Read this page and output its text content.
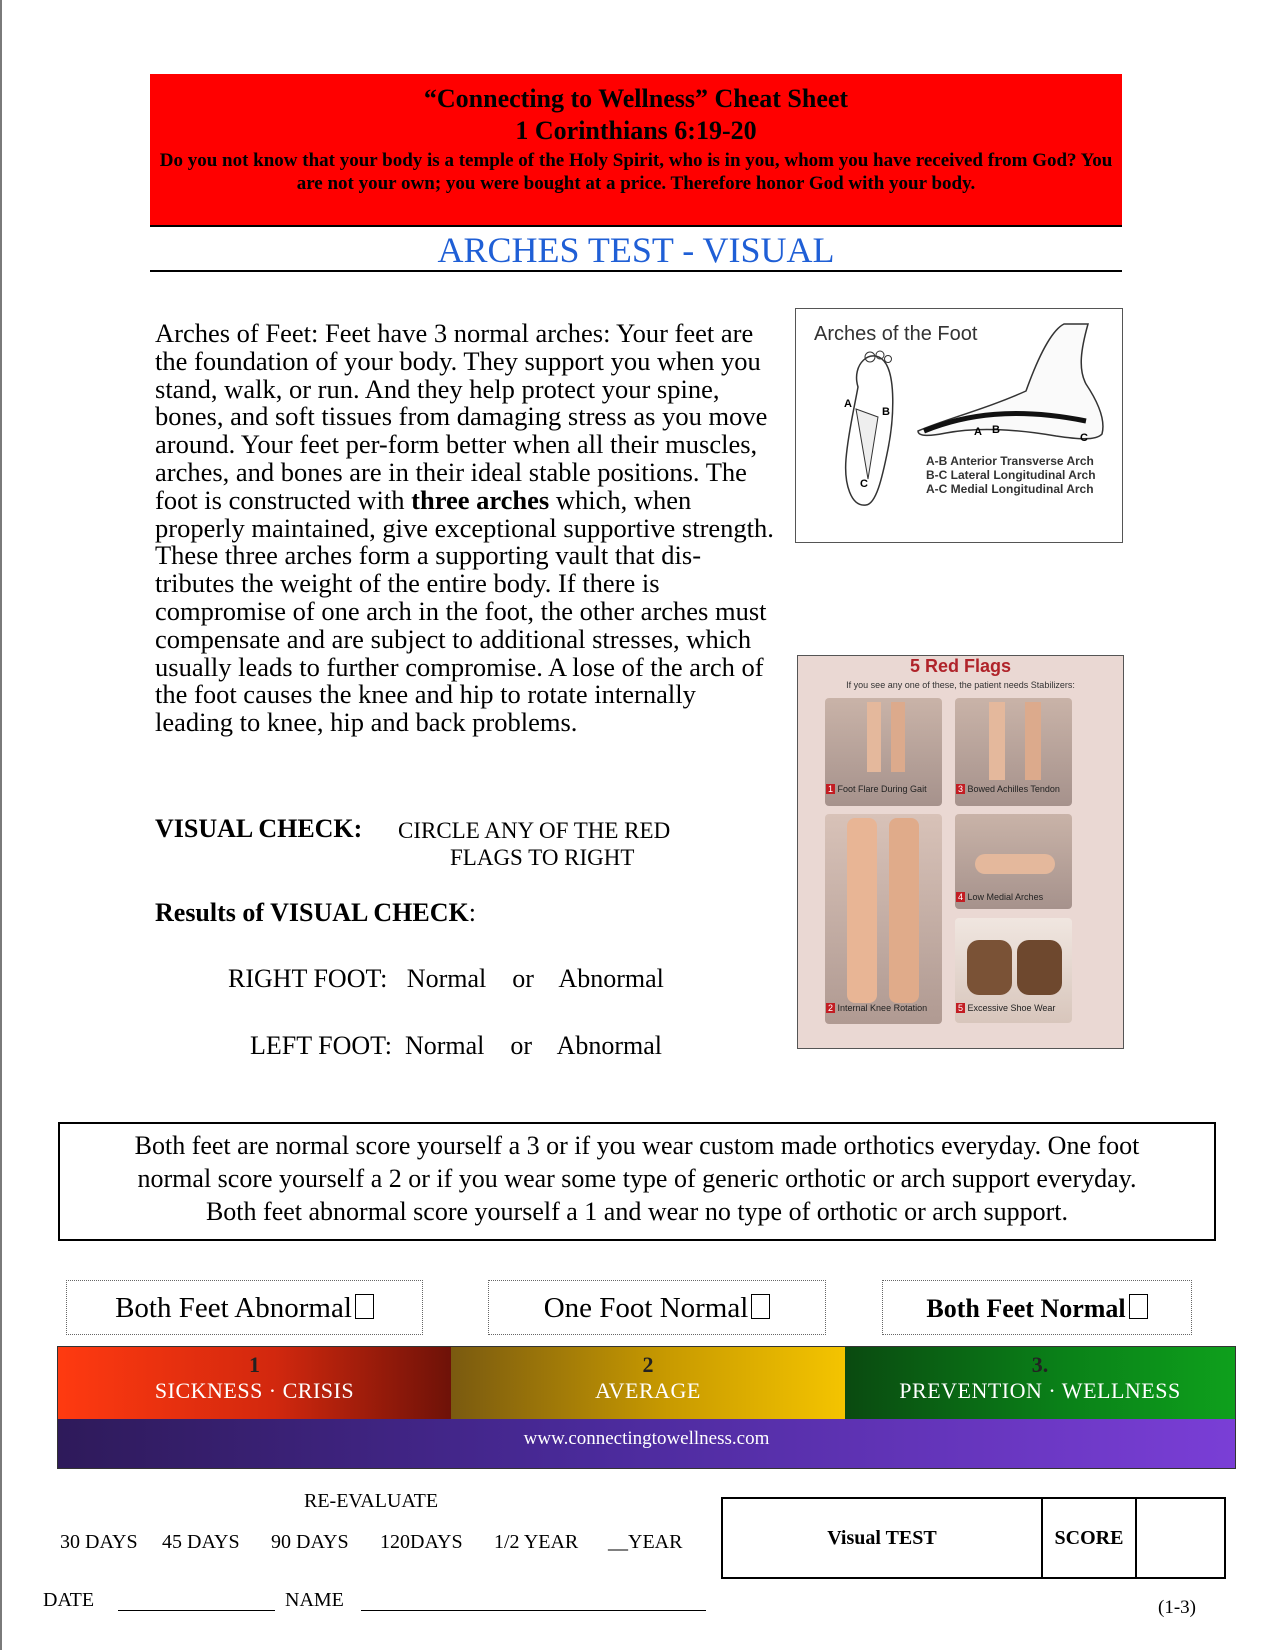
“Connecting to Wellness” Cheat Sheet
1 Corinthians 6:19-20
Do you not know that your body is a temple of the Holy Spirit, who is in you, whom you have received from God? You are not your own; you were bought at a price. Therefore honor God with your body.
ARCHES TEST - VISUAL
Arches of Feet: Feet have 3 normal arches: Your feet are the foundation of your body. They support you when you stand, walk, or run. And they help protect your spine, bones, and soft tissues from damaging stress as you move around. Your feet per-form better when all their muscles, arches, and bones are in their ideal stable positions. The foot is constructed with three arches which, when properly maintained, give exceptional supportive strength. These three arches form a supporting vault that dis-tributes the weight of the entire body. If there is compromise of one arch in the foot, the other arches must compensate and are subject to additional stresses, which usually leads to further compromise. A lose of the arch of the foot causes the knee and hip to rotate internally leading to knee, hip and back problems.
VISUAL CHECK: CIRCLE ANY OF THE RED
FLAGS TO RIGHT
Results of VISUAL CHECK:
RIGHT FOOT:   Normal    or    Abnormal
LEFT FOOT:  Normal    or    Abnormal
Arches of the Foot
A
B
C
A B
C
A-B Anterior Transverse Arch
B-C Lateral Longitudinal Arch
A-C Medial Longitudinal Arch
5 Red Flags
If you see any one of these, the patient needs Stabilizers:
1 Foot Flare During Gait	3 Bowed Achilles Tendon
2 Internal Knee Rotation
4 Low Medial Arches
5 Excessive Shoe Wear
Both feet are normal score yourself a 3 or if you wear custom made orthotics everyday. One foot
normal score yourself a 2 or if you wear some type of generic orthotic or arch support everyday.
Both feet abnormal score yourself a 1 and wear no type of orthotic or arch support.
Both Feet Abnormal	One Foot Normal	Both Feet Normal
1
SICKNESS · CRISIS
2
AVERAGE
3.
PREVENTION · WELLNESS
www.connectingtowellness.com
RE-EVALUATE
30 DAYS 45 DAYS 90 DAYS 120DAYS 1/2 YEAR __YEAR
DATE	NAME
Visual TEST	SCORE
(1-3)
